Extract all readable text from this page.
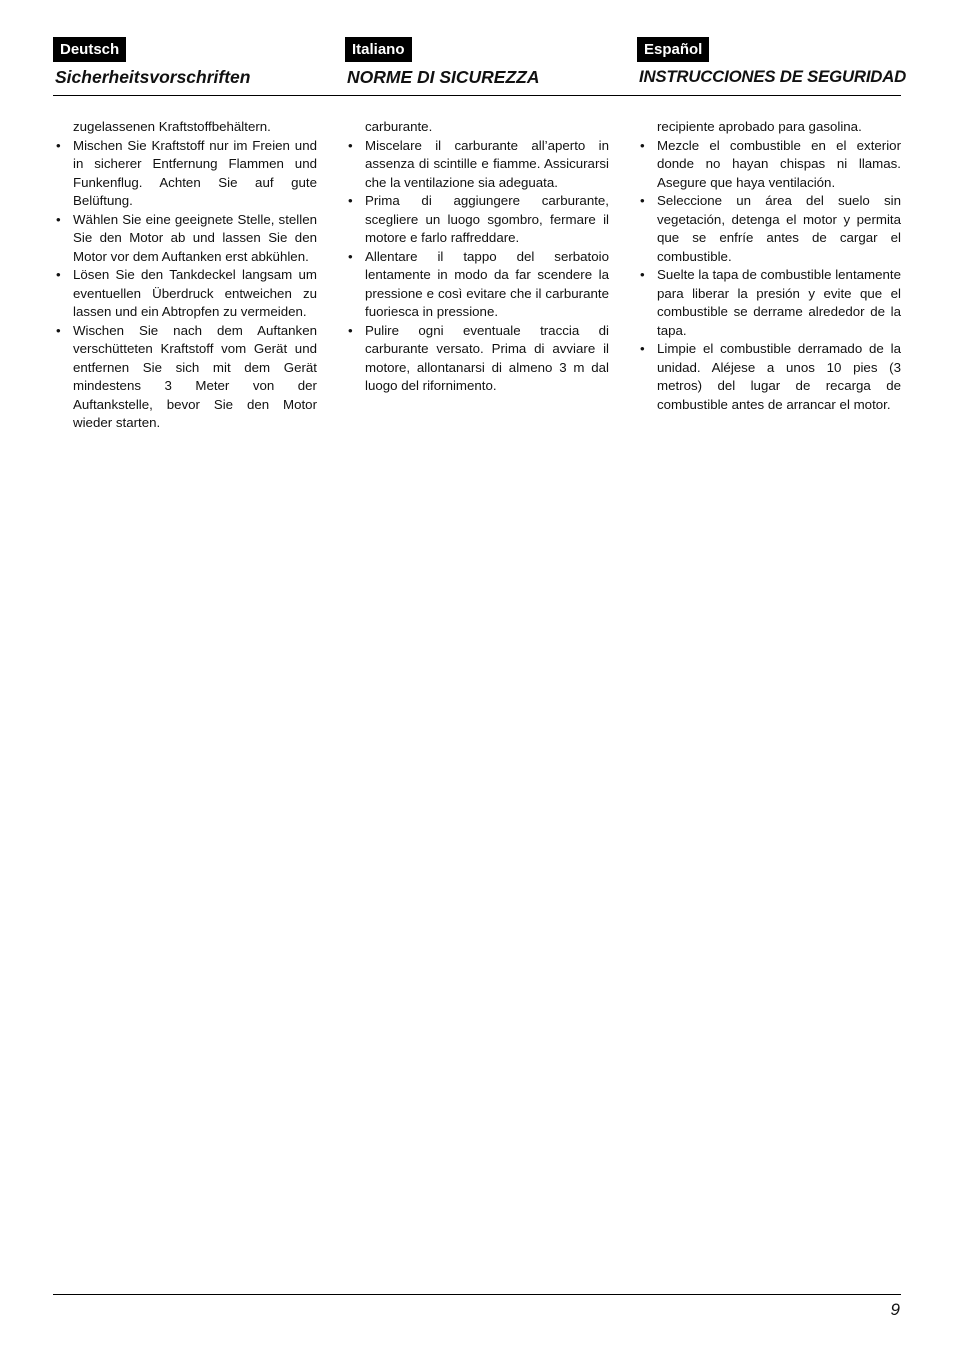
Deutsch
Sicherheitsvorschriften

zugelassenen Kraftstoffbehältern.

• Mischen Sie Kraftstoff nur im Freien und in sicherer Entfernung Flammen und Funkenflug. Achten Sie auf gute Belüftung.
• Wählen Sie eine geeignete Stelle, stellen Sie den Motor ab und lassen Sie den Motor vor dem Auftanken erst abkühlen.
• Lösen Sie den Tankdeckel langsam um eventuellen Überdruck entweichen zu lassen und ein Abtropfen zu vermeiden.
• Wischen Sie nach dem Auftanken verschütteten Kraftstoff vom Gerät und entfernen Sie sich mit dem Gerät mindestens 3 Meter von der Auftankstelle, bevor Sie den Motor wieder starten.
Italiano
NORME DI SICUREZZA

carburante.

• Miscelare il carburante all’aperto in assenza di scintille e fiamme. Assicurarsi che la ventilazione sia adeguata.
• Prima di aggiungere carburante, scegliere un luogo sgombro, fermare il motore e farlo raffreddare.
• Allentare il tappo del serbatoio lentamente in modo da far scendere la pressione e così evitare che il carburante fuoriesca in pressione.
• Pulire ogni eventuale traccia di carburante versato. Prima di avviare il motore, allontanarsi di almeno 3 m dal luogo del rifornimento.
Español
INSTRUCCIONES DE SEGURIDAD

recipiente aprobado para gasolina.

• Mezcle el combustible en el exterior donde no hayan chispas ni llamas. Asegure que haya ventilación.
• Seleccione un área del suelo sin vegetación, detenga el motor y permita que se enfríe antes de cargar el combustible.
• Suelte la tapa de combustible lentamente para liberar la presión y evite que el combustible se derrame alrededor de la tapa.
• Limpie el combustible derramado de la unidad. Aléjese a unos 10 pies (3 metros) del lugar de recarga de combustible antes de arrancar el motor.
9
